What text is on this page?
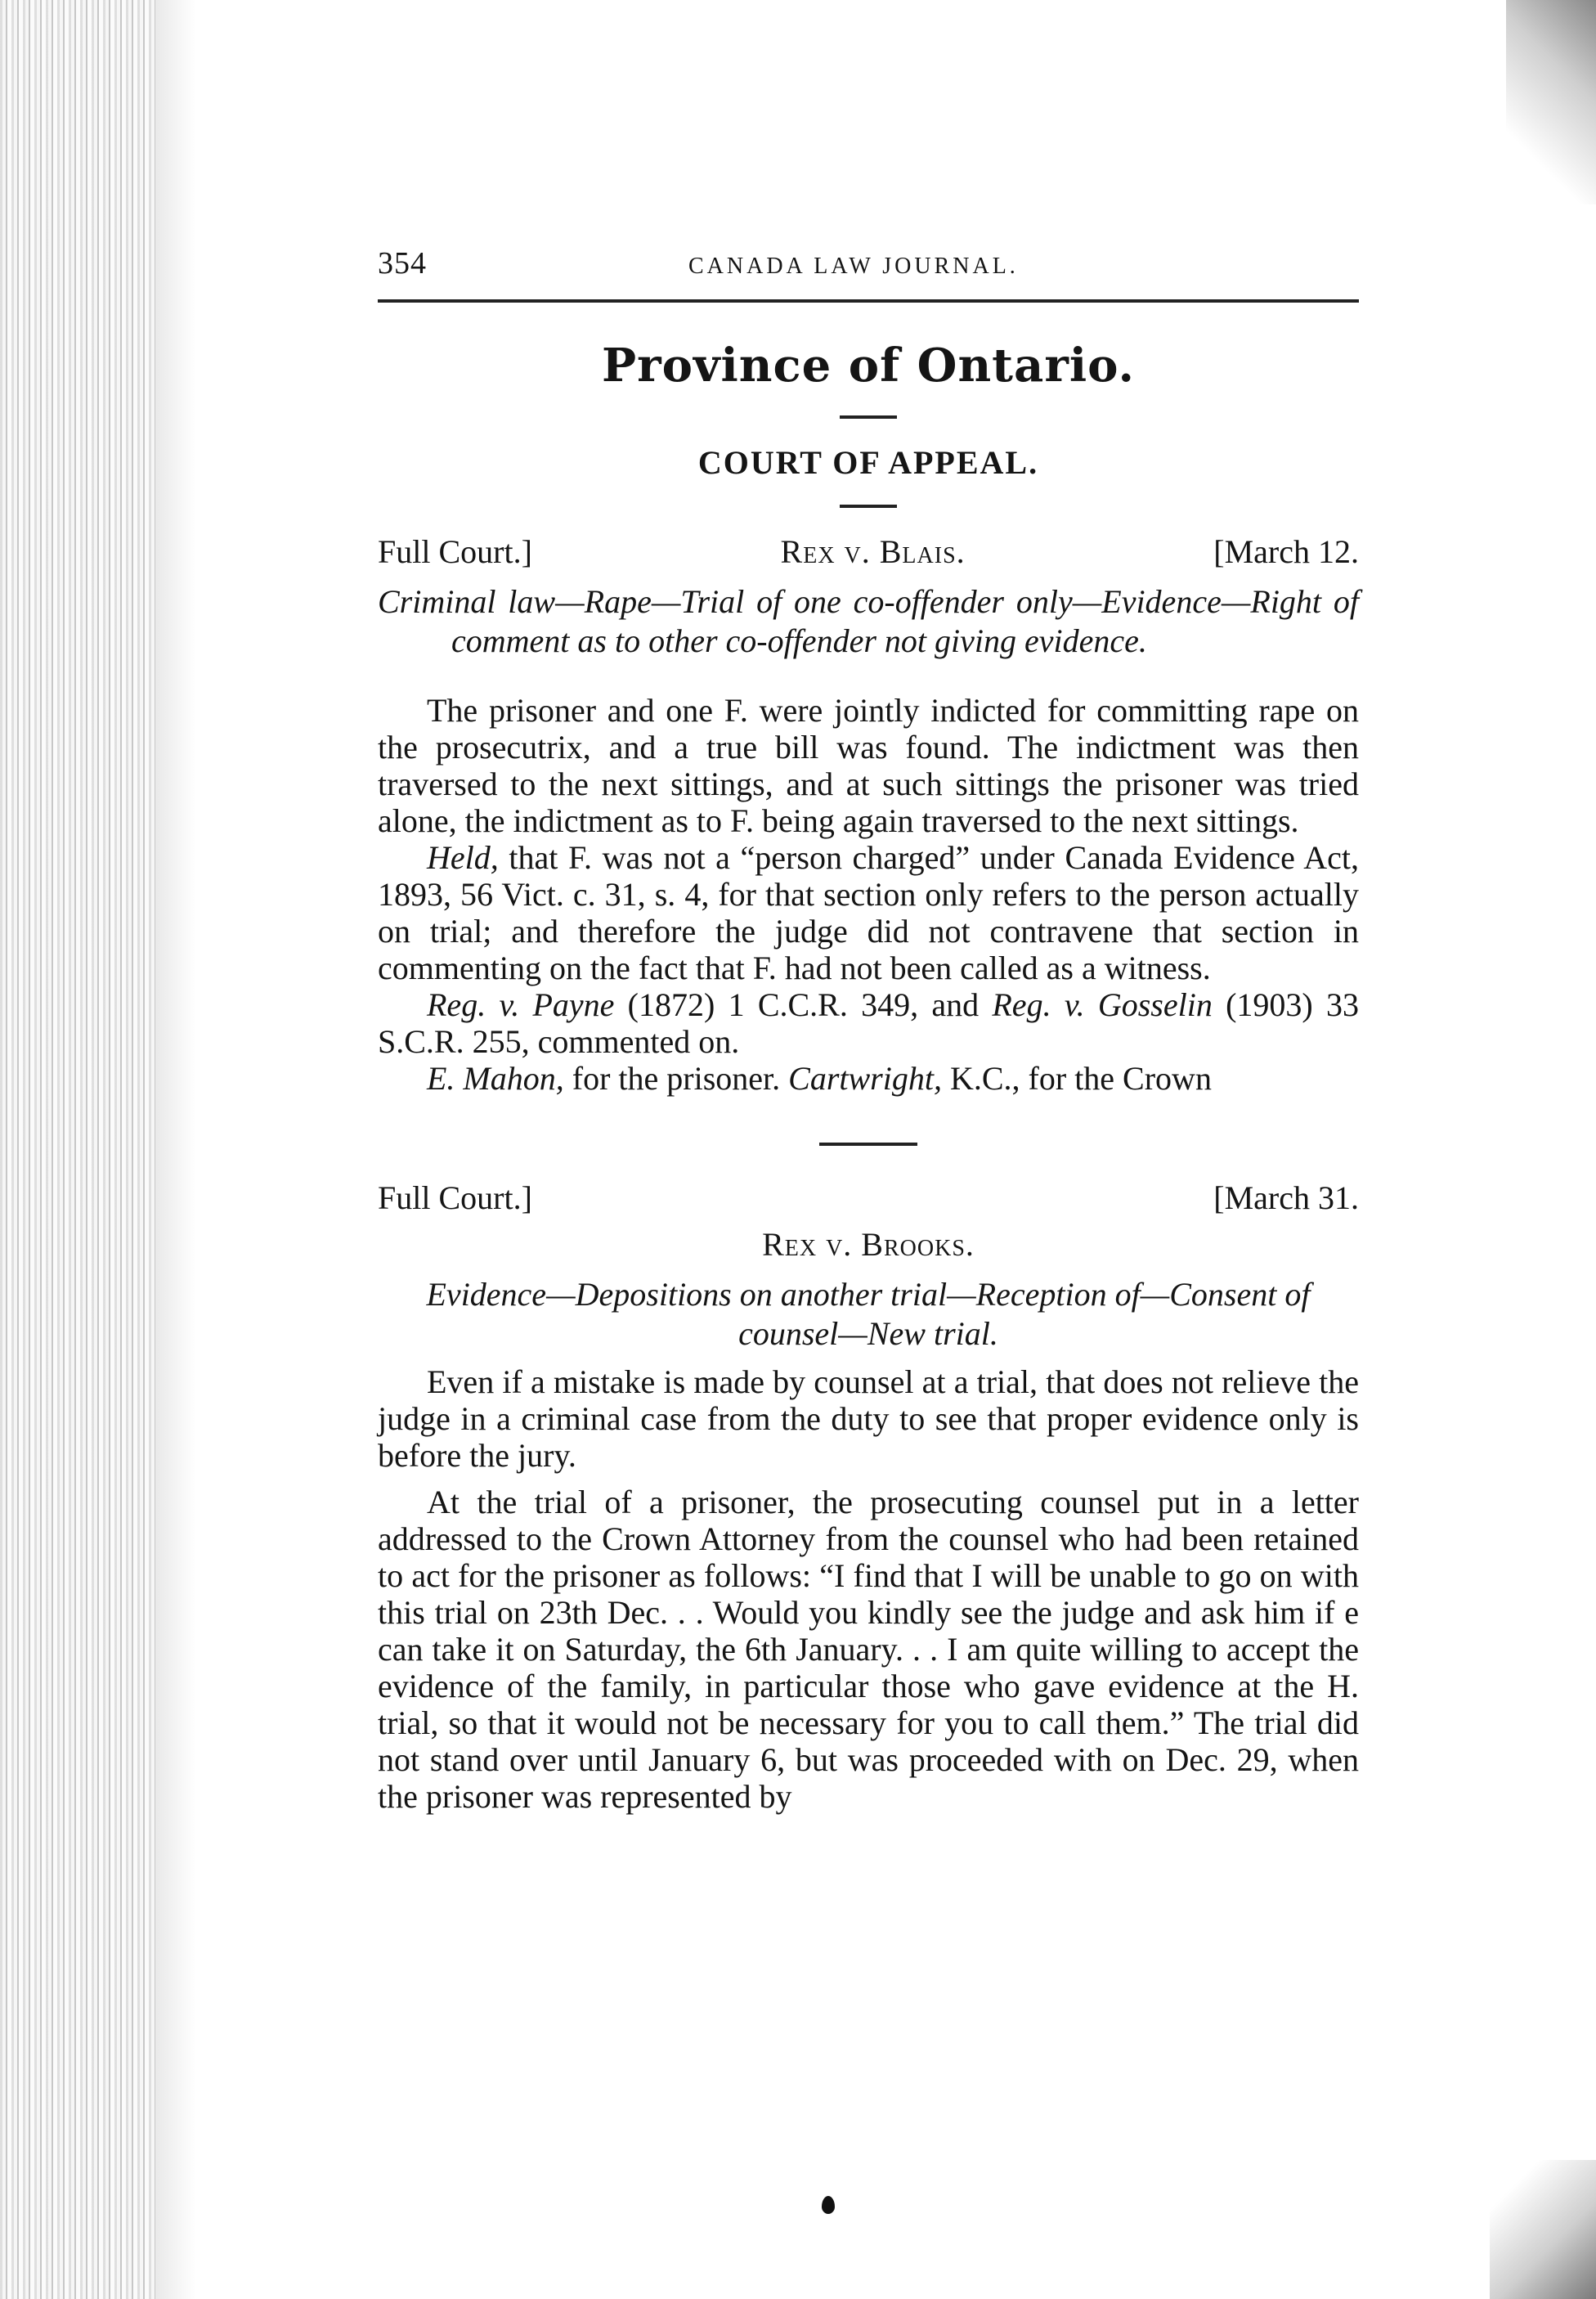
354	CANADA LAW JOURNAL.
Province of Ontario.
COURT OF APPEAL.
Full Court.]	Rex v. Blais.	[March 12.
Criminal law—Rape—Trial of one co-offender only—Evidence—Right of comment as to other co-offender not giving evidence.

The prisoner and one F. were jointly indicted for committing rape on the prosecutrix, and a true bill was found. The indictment was then traversed to the next sittings, and at such sittings the prisoner was tried alone, the indictment as to F. being again traversed to the next sittings.

Held, that F. was not a “person charged” under Canada Evidence Act, 1893, 56 Vict. c. 31, s. 4, for that section only refers to the person actually on trial; and therefore the judge did not contravene that section in commenting on the fact that F. had not been called as a witness.

Reg. v. Payne (1872) 1 C.C.R. 349, and Reg. v. Gosselin (1903) 33 S.C.R. 255, commented on.

E. Mahon, for the prisoner. Cartwright, K.C., for the Crown

Full Court.]	[March 31.
Rex v. Brooks.
Evidence—Depositions on another trial—Reception of—Consent of counsel—New trial.

Even if a mistake is made by counsel at a trial, that does not relieve the judge in a criminal case from the duty to see that proper evidence only is before the jury.

At the trial of a prisoner, the prosecuting counsel put in a letter addressed to the Crown Attorney from the counsel who had been retained to act for the prisoner as follows: “I find that I will be unable to go on with this trial on 23th Dec. . . Would you kindly see the judge and ask him if e can take it on Saturday, the 6th January. . . I am quite willing to accept the evidence of the family, in particular those who gave evidence at the H. trial, so that it would not be necessary for you to call them.” The trial did not stand over until January 6, but was proceeded with on Dec. 29, when the prisoner was represented by
